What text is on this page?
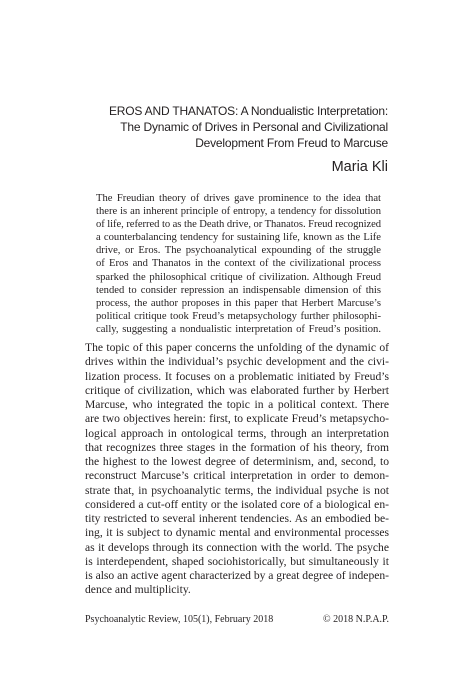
EROS AND THANATOS: A Nondualistic Interpretation:
The Dynamic of Drives in Personal and Civilizational
Development From Freud to Marcuse
Maria Kli
The Freudian theory of drives gave prominence to the idea that
there is an inherent principle of entropy, a tendency for dissolution
of life, referred to as the Death drive, or Thanatos. Freud recognized
a counterbalancing tendency for sustaining life, known as the Life
drive, or Eros. The psychoanalytical expounding of the struggle
of Eros and Thanatos in the context of the civilizational process
sparked the philosophical critique of civilization. Although Freud
tended to consider repression an indispensable dimension of this
process, the author proposes in this paper that Herbert Marcuse’s
political critique took Freud’s metapsychology further philosophi-
cally, suggesting a nondualistic interpretation of Freud’s position.
The topic of this paper concerns the unfolding of the dynamic of
drives within the individual’s psychic development and the civi-
lization process. It focuses on a problematic initiated by Freud’s
critique of civilization, which was elaborated further by Herbert
Marcuse, who integrated the topic in a political context. There
are two objectives herein: first, to explicate Freud’s metapsycho-
logical approach in ontological terms, through an interpretation
that recognizes three stages in the formation of his theory, from
the highest to the lowest degree of determinism, and, second, to
reconstruct Marcuse’s critical interpretation in order to demon-
strate that, in psychoanalytic terms, the individual psyche is not
considered a cut-off entity or the isolated core of a biological en-
tity restricted to several inherent tendencies. As an embodied be-
ing, it is subject to dynamic mental and environmental processes
as it develops through its connection with the world. The psyche
is interdependent, shaped sociohistorically, but simultaneously it
is also an active agent characterized by a great degree of indepen-
dence and multiplicity.
Psychoanalytic Review, 105(1), February 2018	© 2018 N.P.A.P.
